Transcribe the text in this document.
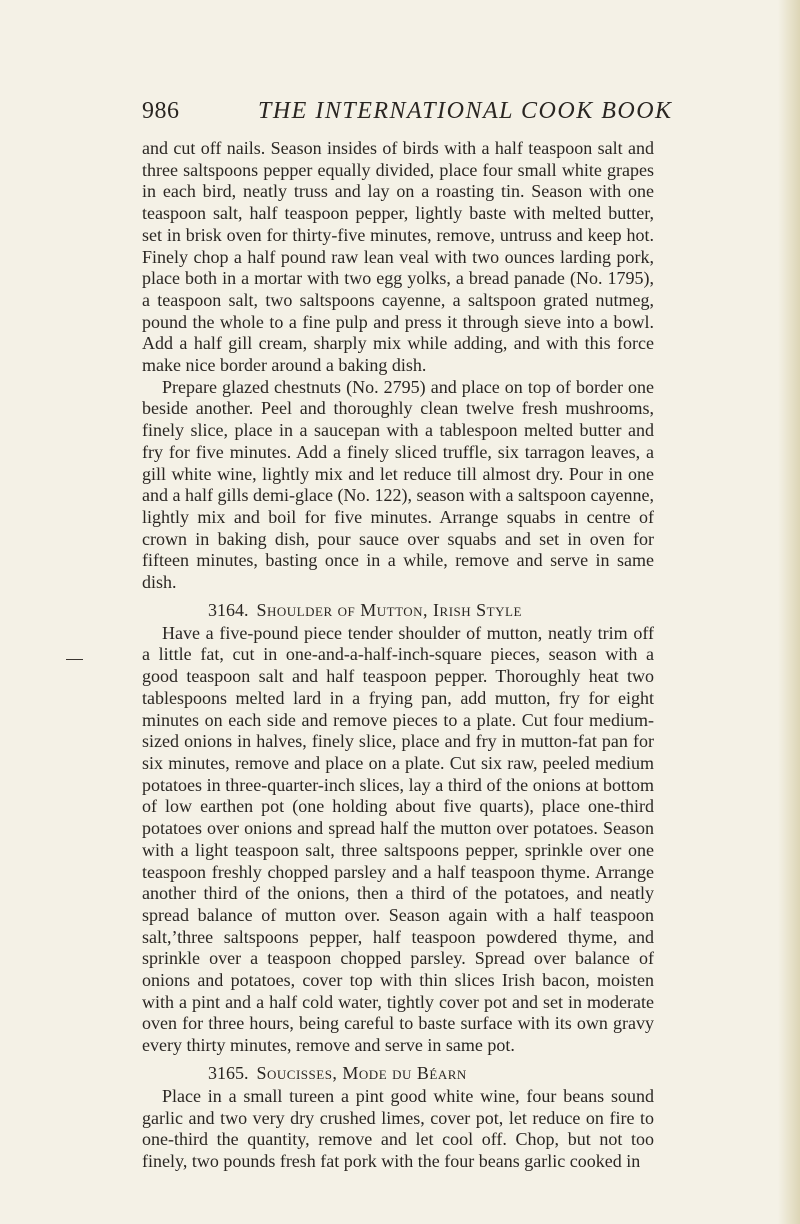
986	THE INTERNATIONAL COOK BOOK

and cut off nails. Season insides of birds with a half teaspoon salt and three saltspoons pepper equally divided, place four small white grapes in each bird, neatly truss and lay on a roasting tin. Season with one teaspoon salt, half teaspoon pepper, lightly baste with melted butter, set in brisk oven for thirty-five minutes, remove, untruss and keep hot. Finely chop a half pound raw lean veal with two ounces larding pork, place both in a mortar with two egg yolks, a bread panade (No. 1795), a teaspoon salt, two saltspoons cayenne, a saltspoon grated nutmeg, pound the whole to a fine pulp and press it through sieve into a bowl. Add a half gill cream, sharply mix while adding, and with this force make nice border around a baking dish.

Prepare glazed chestnuts (No. 2795) and place on top of border one beside another. Peel and thoroughly clean twelve fresh mushrooms, finely slice, place in a saucepan with a tablespoon melted butter and fry for five minutes. Add a finely sliced truffle, six tarragon leaves, a gill white wine, lightly mix and let reduce till almost dry. Pour in one and a half gills demi-glace (No. 122), season with a saltspoon cayenne, lightly mix and boil for five minutes. Arrange squabs in centre of crown in baking dish, pour sauce over squabs and set in oven for fifteen minutes, basting once in a while, remove and serve in same dish.

3164. Shoulder of Mutton, Irish Style

Have a five-pound piece tender shoulder of mutton, neatly trim off a little fat, cut in one-and-a-half-inch-square pieces, season with a good teaspoon salt and half teaspoon pepper. Thoroughly heat two tablespoons melted lard in a frying pan, add mutton, fry for eight minutes on each side and remove pieces to a plate. Cut four medium-sized onions in halves, finely slice, place and fry in mutton-fat pan for six minutes, remove and place on a plate. Cut six raw, peeled medium potatoes in three-quarter-inch slices, lay a third of the onions at bottom of low earthen pot (one holding about five quarts), place one-third potatoes over onions and spread half the mutton over potatoes. Season with a light teaspoon salt, three saltspoons pepper, sprinkle over one teaspoon freshly chopped parsley and a half teaspoon thyme. Arrange another third of the onions, then a third of the potatoes, and neatly spread balance of mutton over. Season again with a half teaspoon salt,’three saltspoons pepper, half teaspoon powdered thyme, and sprinkle over a teaspoon chopped parsley. Spread over balance of onions and potatoes, cover top with thin slices Irish bacon, moisten with a pint and a half cold water, tightly cover pot and set in moderate oven for three hours, being careful to baste surface with its own gravy every thirty minutes, remove and serve in same pot.

3165. Soucisses, Mode du Béarn

Place in a small tureen a pint good white wine, four beans sound garlic and two very dry crushed limes, cover pot, let reduce on fire to one-third the quantity, remove and let cool off. Chop, but not too finely, two pounds fresh fat pork with the four beans garlic cooked in
